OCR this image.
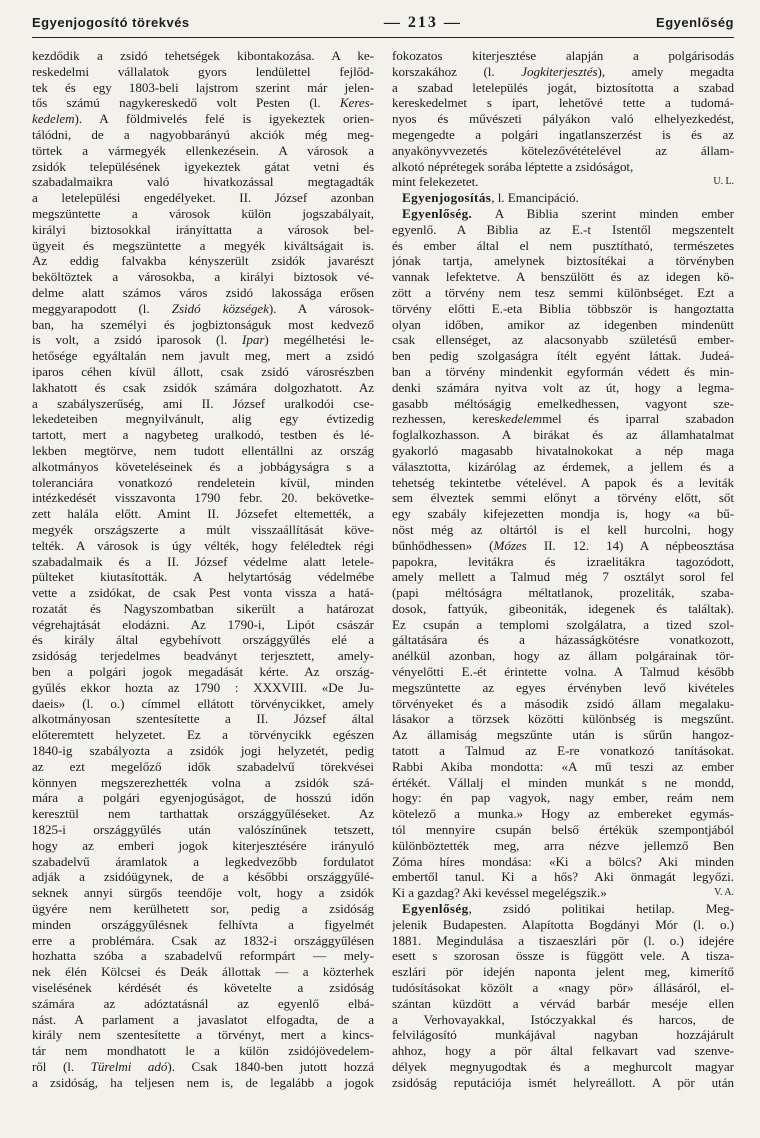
Egyenjogosító törekvés	— 213 —	Egyenlőség

kezdődik a zsidó tehetségek kibontakozása. A ke-

reskedelmi vállalatok gyors lendülettel fejlőd-

tek és egy 1803-beli lajstrom szerint már jelen-

tős számú nagykereskedő volt Pesten (l. Keres-

kedelem). A földmivelés felé is igyekeztek orien-

tálódni, de a nagyobbarányú akciók még meg-

törtek a vármegyék ellenkezésein. A városok a

zsidók településének igyekeztek gátat vetni és

szabadalmaikra való hivatkozással megtagadták

a letelepülési engedélyeket. II. József azonban

megszüntette a városok külön jogszabályait,

királyi biztosokkal irányíttatta a városok bel-

ügyeit és megszüntette a megyék kiváltságait is.

Az eddig falvakba kényszerült zsidók javarészt

beköltöztek a városokba, a királyi biztosok vé-

delme alatt számos város zsidó lakossága erősen

meggyarapodott (l. Zsidó községek). A városok-

ban, ha személyi és jogbiztonságuk most kedvező

is volt, a zsidó iparosok (l. Ipar) megélhetési le-

hetősége egyáltalán nem javult meg, mert a zsidó

iparos céhen kívül állott, csak zsidó városrészben

lakhatott és csak zsidók számára dolgozhatott. Az

a szabályszerűség, ami II. József uralkodói cse-

lekedeteiben megnyilvánult, alig egy évtizedig

tartott, mert a nagybeteg uralkodó, testben és lé-

lekben megtörve, nem tudott ellentállni az ország

alkotmányos követeléseinek és a jobbágyságra s a

toleranciára vonatkozó rendeletein kívül, minden

intézkedését visszavonta 1790 febr. 20. bekövetke-

zett halála előtt. Amint II. Józsefet eltemették, a

megyék országszerte a múlt visszaállítását köve-

telték. A városok is úgy vélték, hogy feléledtek régi

szabadalmaik és a II. József védelme alatt letele-

pülteket kiutasították. A helytartóság védelmébe

vette a zsidókat, de csak Pest vonta vissza a hatá-

rozatát és Nagyszombatban sikerült a határozat

végrehajtását elodázni. Az 1790-i, Lipót császár

és király által egybehívott országgyűlés elé a

zsidóság terjedelmes beadványt terjesztett, amely-

ben a polgári jogok megadását kérte. Az ország-

gyűlés ekkor hozta az 1790 : XXXVIII. «De Ju-

daeis» (l. o.) címmel ellátott törvénycikket, amely

alkotmányosan szentesítette a II. József által

előteremtett helyzetet. Ez a törvénycikk egészen

1840-ig szabályozta a zsidók jogi helyzetét, pedig

az ezt megelőző idők szabadelvű törekvései

könnyen megszerezhették volna a zsidók szá-

mára a polgári egyenjogúságot, de hosszú időn

keresztül nem tarthattak országgyűléseket. Az

1825-i országgyűlés után valószínűnek tetszett,

hogy az emberi jogok kiterjesztésére irányuló

szabadelvű áramlatok a legkedvezőbb fordulatot

adják a zsidóügynek, de a későbbi országgyűlé-

seknek annyi sürgős teendője volt, hogy a zsidók

ügyére nem kerülhetett sor, pedig a zsidóság

minden országgyűlésnek felhívta a figyelmét

erre a problémára. Csak az 1832-i országgyűlésen

hozhatta szóba a szabadelvű reformpárt — mely-

nek élén Kölcsei és Deák állottak — a közterhek

viselésének kérdését és követelte a zsidóság

számára az adóztatásnál az egyenlő elbá-

nást. A parlament a javaslatot elfogadta, de a

király nem szentesítette a törvényt, mert a kincs-

tár nem mondhatott le a külön zsidójövedelem-

ről (l. Türelmi adó). Csak 1840-ben jutott hozzá

a zsidóság, ha teljesen nem is, de legalább a jogok

fokozatos kiterjesztése alapján a polgárisodás

korszakához (l. Jogkiterjesztés), amely megadta

a szabad letelepülés jogát, biztosította a szabad

kereskedelmet s ipart, lehetővé tette a tudomá-

nyos és művészeti pályákon való elhelyezkedést,

megengedte a polgári ingatlanszerzést is és az

anyakönyvvezetés kötelezővétételével az állam-

alkotó néprétegek sorába léptette a zsidóságot,

mint felekezetet.	U. L.

Egyenjogosítás, l. Emancipáció.

Egyenlőség. A Biblia szerint minden ember

egyenlő. A Biblia az E.-t Istentől megszentelt

és ember által el nem pusztítható, természetes

jónak tartja, amelynek biztosítékai a törvényben

vannak lefektetve. A benszülött és az idegen kö-

zött a törvény nem tesz semmi különbséget. Ezt a

törvény előtti E.-eta Biblia többször is hangoztatta

olyan időben, amikor az idegenben mindenütt

csak ellenséget, az alacsonyabb születésű ember-

ben pedig szolgaságra ítélt egyént láttak. Judeá-

ban a törvény mindenkit egyformán védett és min-

denki számára nyitva volt az út, hogy a legma-

gasabb méltóságig emelkedhessen, vagyont sze-

rezhessen, kereskedelemmel és iparral szabadon

foglalkozhasson. A birákat és az államhatalmat

gyakorló magasabb hivatalnokokat a nép maga

választotta, kizárólag az érdemek, a jellem és a

tehetség tekintetbe vételével. A papok és a leviták

sem élveztek semmi előnyt a törvény előtt, sőt

egy szabály kifejezetten mondja is, hogy «a bű-

nöst még az oltártól is el kell hurcolni, hogy

bűnhődhessen» (Mózes II. 12. 14) A népbeosztása

papokra, levitákra és izraelitákra tagozódott,

amely mellett a Talmud még 7 osztályt sorol fel

(papi méltóságra méltatlanok, prozeliták, szaba-

dosok, fattyúk, gibeoniták, idegenek és találtak).

Ez csupán a templomi szolgálatra, a tized szol-

gáltatására és a házasságkötésre vonatkozott,

anélkül azonban, hogy az állam polgárainak tör-

vényelőtti E.-ét érintette volna. A Talmud később

megszüntette az egyes érvényben levő kivételes

törvényeket és a második zsidó állam megalaku-

lásakor a törzsek közötti különbség is megszűnt.

Az államiság megszűnte után is sűrűn hangoz-

tatott a Talmud az E-re vonatkozó tanításokat.

Rabbi Akiba mondotta: «A mű teszi az ember

értékét. Vállalj el minden munkát s ne mondd,

hogy: én pap vagyok, nagy ember, reám nem

kötelező a munka.» Hogy az embereket egymás-

tól mennyire csupán belső értékük szempontjából

különböztették meg, arra nézve jellemző Ben

Zóma híres mondása: «Ki a bölcs? Aki minden

embertől tanul. Ki a hős? Aki önmagát legyőzi.

Ki a gazdag? Aki kevéssel megelégszik.»	V. A.

Egyenlőség, zsidó politikai hetilap. Meg-

jelenik Budapesten. Alapította Bogdányi Mór (l. o.)

1881. Megindulása a tiszaeszlári pör (l. o.) idejére

esett s szorosan össze is függött vele. A tisza-

eszlári pör idején naponta jelent meg, kimerítő

tudósításokat közölt a «nagy pör» állásáról, el-

szántan küzdött a vérvád barbár meséje ellen

a Verhovayakkal, Istóczyakkal és harcos, de

felvilágosító munkájával nagyban hozzájárult

ahhoz, hogy a pör által felkavart vad szenve-

délyek megnyugodtak és a meghurcolt magyar

zsidóság reputációja ismét helyreállott. A pör után
